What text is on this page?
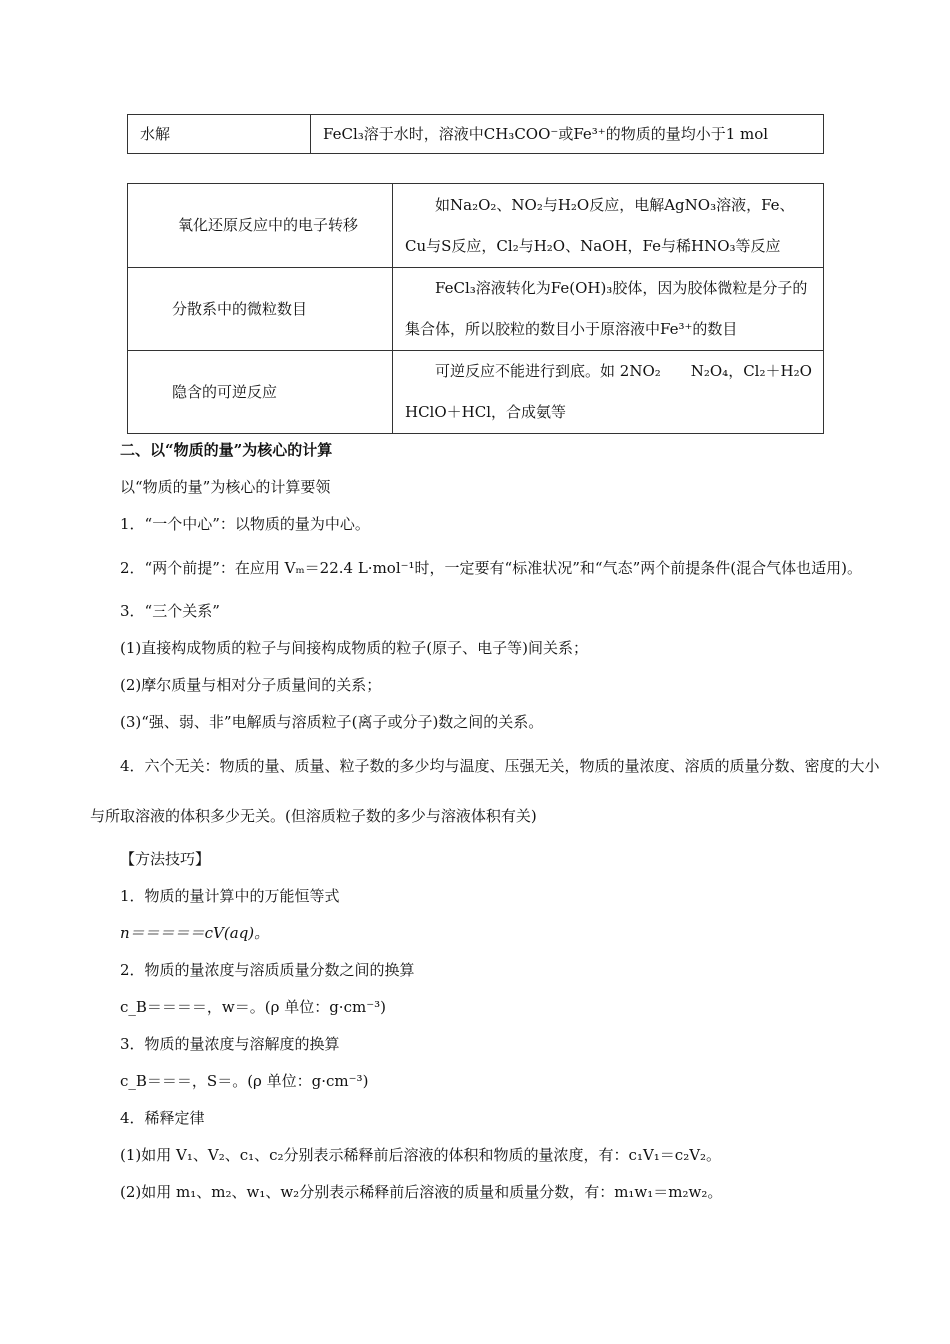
水解	FeCl₃溶于水时，溶液中CH₃COO⁻或Fe³⁺的物质的量均小于1 mol
氧化还原反应中的电子转移	如Na₂O₂、NO₂与H₂O反应，电解AgNO₃溶液，Fe、Cu与S反应，Cl₂与H₂O、NaOH，Fe与稀HNO₃等反应
分散系中的微粒数目	FeCl₃溶液转化为Fe(OH)₃胶体，因为胶体微粒是分子的集合体，所以胶粒的数目小于原溶液中Fe³⁺的数目
隐含的可逆反应	可逆反应不能进行到底。如 2NO₂　　N₂O₄，Cl₂＋H₂O　　HClO＋HCl，合成氨等
二、以“物质的量”为核心的计算
以“物质的量”为核心的计算要领
1．“一个中心”：以物质的量为中心。
2．“两个前提”：在应用 Vₘ＝22.4 L·mol⁻¹时，一定要有“标准状况”和“气态”两个前提条件(混合气体也适用)。
3．“三个关系”
(1)直接构成物质的粒子与间接构成物质的粒子(原子、电子等)间关系；
(2)摩尔质量与相对分子质量间的关系；
(3)“强、弱、非”电解质与溶质粒子(离子或分子)数之间的关系。
4．六个无关：物质的量、质量、粒子数的多少均与温度、压强无关，物质的量浓度、溶质的质量分数、密度的大小与所取溶液的体积多少无关。(但溶质粒子数的多少与溶液体积有关)
【方法技巧】
1．物质的量计算中的万能恒等式
n＝＝＝＝＝cV(aq)。
2．物质的量浓度与溶质质量分数之间的换算
c_B＝＝＝＝，w＝。(ρ 单位：g·cm⁻³)
3．物质的量浓度与溶解度的换算
c_B＝＝＝，S＝。(ρ 单位：g·cm⁻³)
4．稀释定律
(1)如用 V₁、V₂、c₁、c₂分别表示稀释前后溶液的体积和物质的量浓度，有：c₁V₁＝c₂V₂。
(2)如用 m₁、m₂、w₁、w₂分别表示稀释前后溶液的质量和质量分数，有：m₁w₁＝m₂w₂。
